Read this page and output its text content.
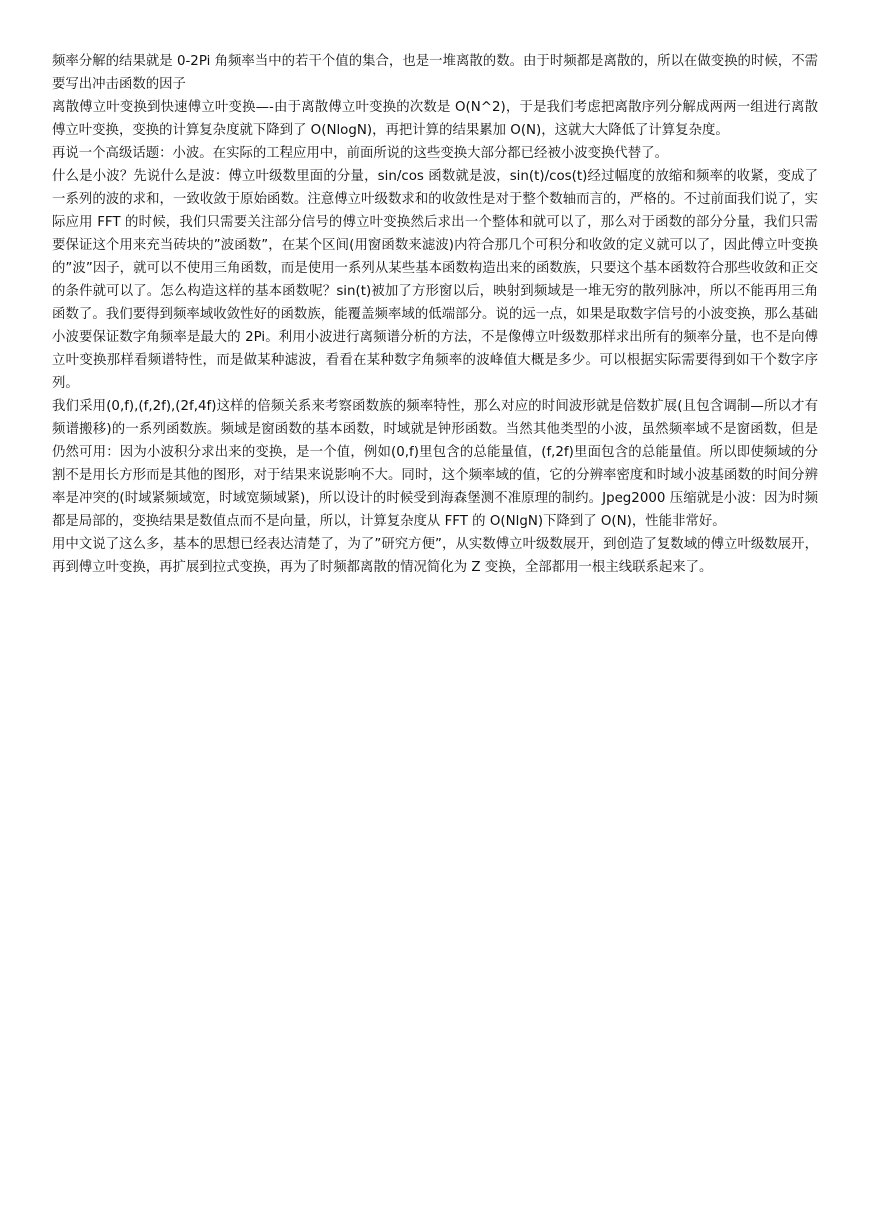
频率分解的结果就是 0-2Pi 角频率当中的若干个值的集合，也是一堆离散的数。由于时频都是离散的，所以在做变换的时候，不需要写出冲击函数的因子

离散傅立叶变换到快速傅立叶变换—-由于离散傅立叶变换的次数是 O(N^2)，于是我们考虑把离散序列分解成两两一组进行离散傅立叶变换，变换的计算复杂度就下降到了 O(NlogN)，再把计算的结果累加 O(N)，这就大大降低了计算复杂度。

再说一个高级话题：小波。在实际的工程应用中，前面所说的这些变换大部分都已经被小波变换代替了。

什么是小波？先说什么是波：傅立叶级数里面的分量，sin/cos 函数就是波，sin(t)/cos(t)经过幅度的放缩和频率的收紧，变成了一系列的波的求和，一致收敛于原始函数。注意傅立叶级数求和的收敛性是对于整个数轴而言的，严格的。不过前面我们说了，实际应用 FFT 的时候，我们只需要关注部分信号的傅立叶变换然后求出一个整体和就可以了，那么对于函数的部分分量，我们只需要保证这个用来充当砖块的”波函数”，在某个区间(用窗函数来滤波)内符合那几个可积分和收敛的定义就可以了，因此傅立叶变换的”波”因子，就可以不使用三角函数，而是使用一系列从某些基本函数构造出来的函数族，只要这个基本函数符合那些收敛和正交的条件就可以了。怎么构造这样的基本函数呢？sin(t)被加了方形窗以后，映射到频域是一堆无穷的散列脉冲，所以不能再用三角函数了。我们要得到频率域收敛性好的函数族，能覆盖频率域的低端部分。说的远一点，如果是取数字信号的小波变换，那么基础小波要保证数字角频率是最大的 2Pi。利用小波进行离频谱分析的方法，不是像傅立叶级数那样求出所有的频率分量，也不是向傅立叶变换那样看频谱特性，而是做某种滤波，看看在某种数字角频率的波峰值大概是多少。可以根据实际需要得到如干个数字序列。

我们采用(0,f),(f,2f),(2f,4f)这样的倍频关系来考察函数族的频率特性，那么对应的时间波形就是倍数扩展(且包含调制—所以才有频谱搬移)的一系列函数族。频域是窗函数的基本函数，时域就是钟形函数。当然其他类型的小波，虽然频率域不是窗函数，但是仍然可用：因为小波积分求出来的变换，是一个值，例如(0,f)里包含的总能量值，(f,2f)里面包含的总能量值。所以即使频域的分割不是用长方形而是其他的图形，对于结果来说影响不大。同时，这个频率域的值，它的分辨率密度和时域小波基函数的时间分辨率是冲突的(时域紧频域宽，时域宽频域紧)，所以设计的时候受到海森堡测不准原理的制约。Jpeg2000 压缩就是小波：因为时频都是局部的，变换结果是数值点而不是向量，所以，计算复杂度从 FFT 的 O(NlgN)下降到了 O(N)，性能非常好。

用中文说了这么多，基本的思想已经表达清楚了，为了”研究方便”，从实数傅立叶级数展开，到创造了复数域的傅立叶级数展开，再到傅立叶变换，再扩展到拉式变换，再为了时频都离散的情况简化为 Z 变换，全部都用一根主线联系起来了。
